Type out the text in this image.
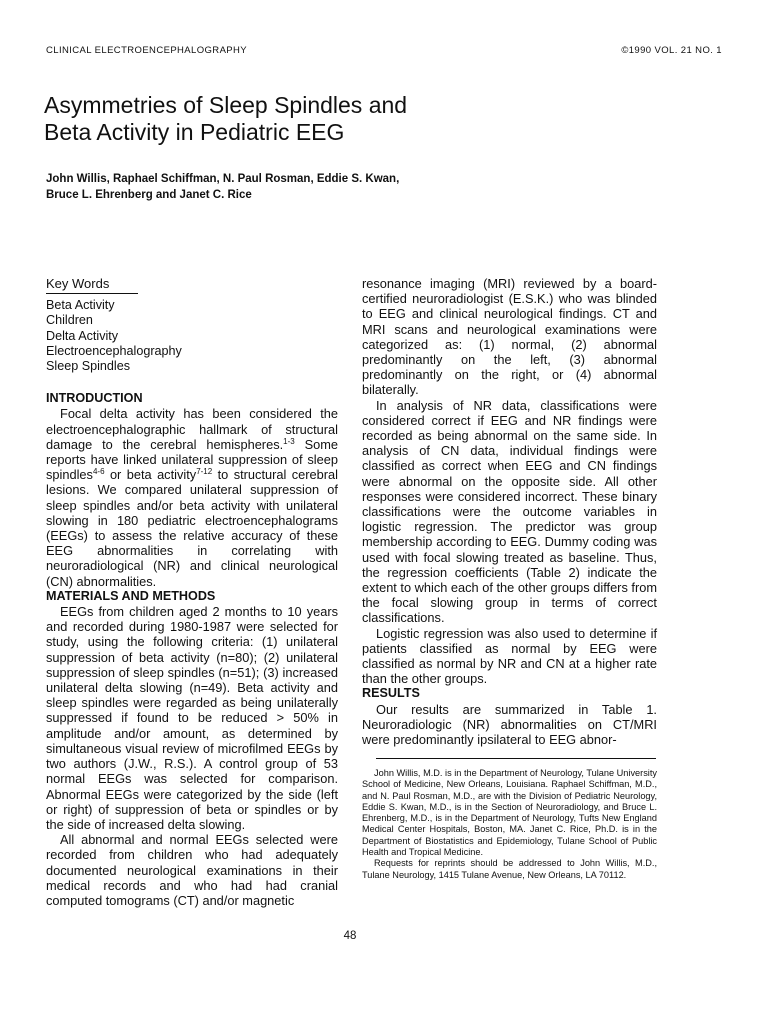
CLINICAL ELECTROENCEPHALOGRAPHY	©1990 VOL. 21 NO. 1
Asymmetries of Sleep Spindles and
Beta Activity in Pediatric EEG
John Willis, Raphael Schiffman, N. Paul Rosman, Eddie S. Kwan,
Bruce L. Ehrenberg and Janet C. Rice
Key Words
Beta Activity
Children
Delta Activity
Electroencephalography
Sleep Spindles
INTRODUCTION

Focal delta activity has been considered the electroencephalographic hallmark of structural damage to the cerebral hemispheres.$^{1-3}$ Some reports have linked unilateral suppression of sleep spindles$^{4-6}$ or beta activity$^{7-12}$ to structural cerebral lesions. We compared unilateral suppression of sleep spindles and/or beta activity with unilateral slowing in 180 pediatric electroencephalograms (EEGs) to assess the relative accuracy of these EEG abnormalities in correlating with neuroradiological (NR) and clinical neurological (CN) abnormalities.

MATERIALS AND METHODS

EEGs from children aged 2 months to 10 years and recorded during 1980-1987 were selected for study, using the following criteria: (1) unilateral suppression of beta activity (n=80); (2) unilateral suppression of sleep spindles (n=51); (3) increased unilateral delta slowing (n=49). Beta activity and sleep spindles were regarded as being unilaterally suppressed if found to be reduced > 50% in amplitude and/or amount, as determined by simultaneous visual review of microfilmed EEGs by two authors (J.W., R.S.). A control group of 53 normal EEGs was selected for comparison. Abnormal EEGs were categorized by the side (left or right) of suppression of beta or spindles or by the side of increased delta slowing.

All abnormal and normal EEGs selected were recorded from children who had adequately documented neurological examinations in their medical records and who had had cranial computed tomograms (CT) and/or magnetic

resonance imaging (MRI) reviewed by a board-certified neuroradiologist (E.S.K.) who was blinded to EEG and clinical neurological findings. CT and MRI scans and neurological examinations were categorized as: (1) normal, (2) abnormal predominantly on the left, (3) abnormal predominantly on the right, or (4) abnormal bilaterally.

In analysis of NR data, classifications were considered correct if EEG and NR findings were recorded as being abnormal on the same side. In analysis of CN data, individual findings were classified as correct when EEG and CN findings were abnormal on the opposite side. All other responses were considered incorrect. These binary classifications were the outcome variables in logistic regression. The predictor was group membership according to EEG. Dummy coding was used with focal slowing treated as baseline. Thus, the regression coefficients (Table 2) indicate the extent to which each of the other groups differs from the focal slowing group in terms of correct classifications.

Logistic regression was also used to determine if patients classified as normal by EEG were classified as normal by NR and CN at a higher rate than the other groups.

RESULTS

Our results are summarized in Table 1. Neuroradiologic (NR) abnormalities on CT/MRI were predominantly ipsilateral to EEG abnor-

John Willis, M.D. is in the Department of Neurology, Tulane University School of Medicine, New Orleans, Louisiana. Raphael Schiffman, M.D., and N. Paul Rosman, M.D., are with the Division of Pediatric Neurology, Eddie S. Kwan, M.D., is in the Section of Neuroradiology, and Bruce L. Ehrenberg, M.D., is in the Department of Neurology, Tufts New England Medical Center Hospitals, Boston, MA. Janet C. Rice, Ph.D. is in the Department of Biostatistics and Epidemiology, Tulane School of Public Health and Tropical Medicine.

Requests for reprints should be addressed to John Willis, M.D., Tulane Neurology, 1415 Tulane Avenue, New Orleans, LA 70112.

48
